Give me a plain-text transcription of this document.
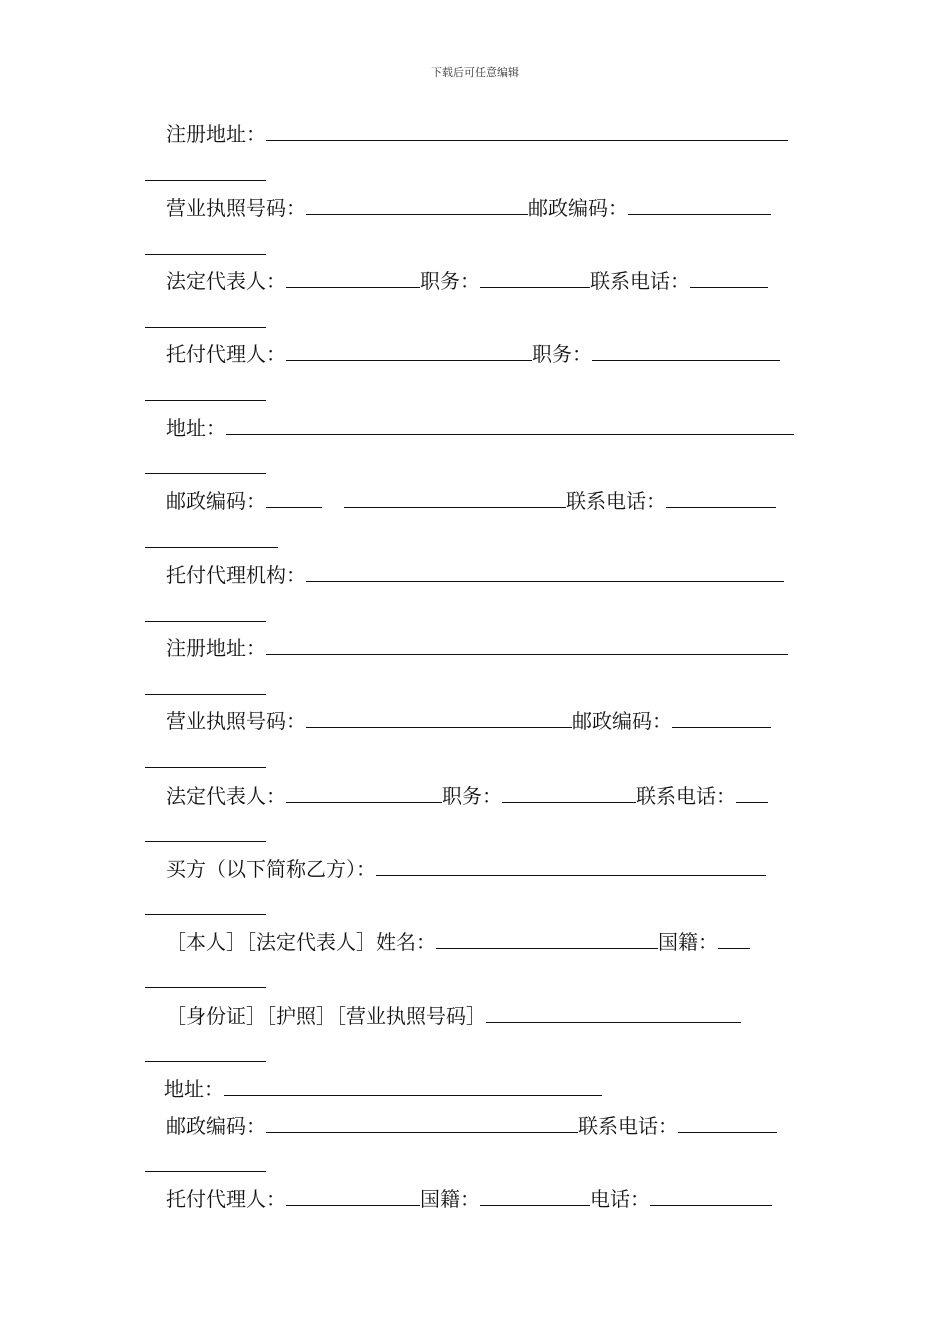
下载后可任意编辑
注册地址：
营业执照号码：	邮政编码：
法定代表人：	职务：	联系电话：
托付代理人：	职务：
地址：
邮政编码：	联系电话：
托付代理机构：
注册地址：
营业执照号码：	邮政编码：
法定代表人：	职务：	联系电话：
买方（以下简称乙方）：
［本人］［法定代表人］姓名：	国籍：
［身份证］［护照］［营业执照号码］
地址：
邮政编码：	联系电话：
托付代理人：	国籍：	电话：
